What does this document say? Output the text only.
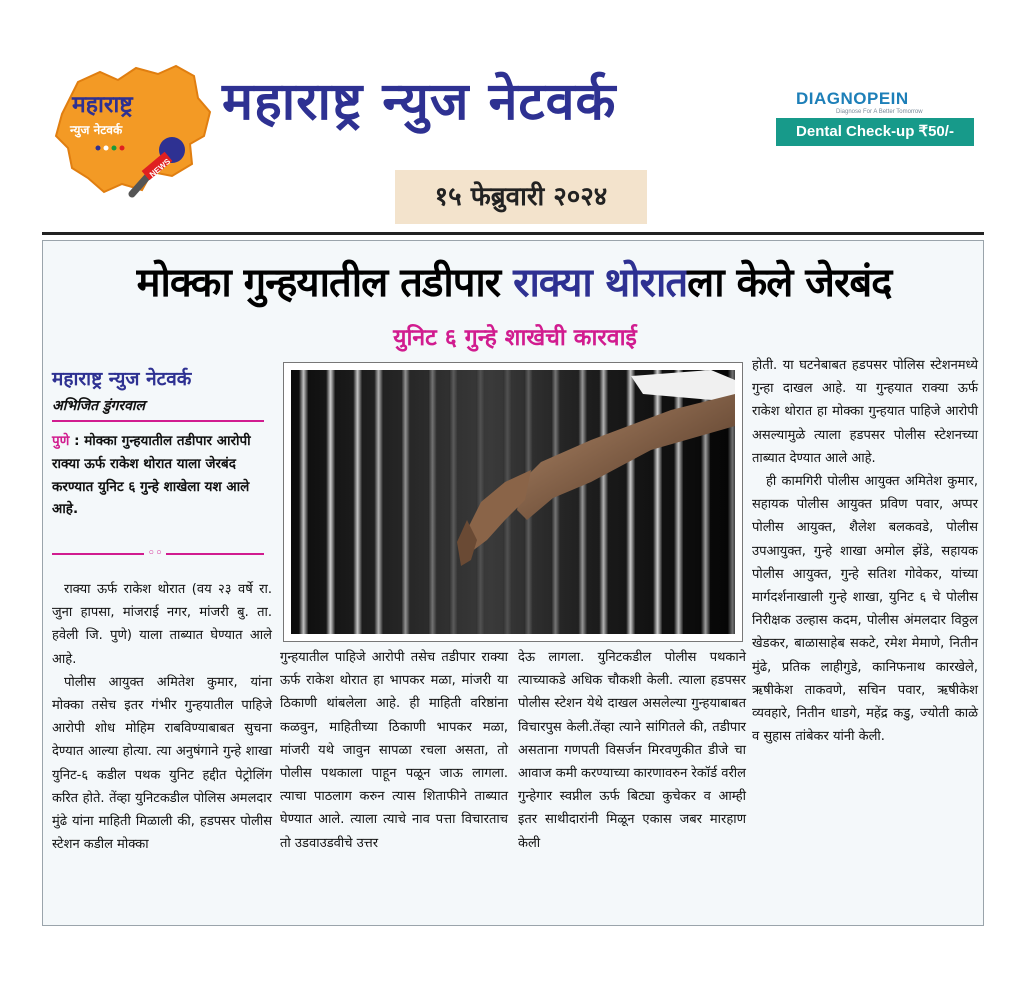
महाराष्ट्र
न्युज नेटवर्क
NEWS
महाराष्ट्र न्युज नेटवर्क
१५ फेब्रुवारी २०२४
DIAGNOPEIN
Diagnose For A Better Tomorrow
Dental Check-up ₹50/-
मोक्का गुन्हयातील तडीपार राक्या थोरातला केले जेरबंद
युनिट ६ गुन्हे शाखेची कारवाई
महाराष्ट्र न्युज नेटवर्क
अभिजित डुंगरवाल
पुणे : मोक्का गुन्हयातील तडीपार आरोपी राक्या ऊर्फ राकेश थोरात याला जेरबंद करण्यात युनिट ६ गुन्हे शाखेला यश आले आहे.
◦◦

राक्या ऊर्फ राकेश थोरात (वय २३ वर्षे रा. जुना हापसा, मांजराई नगर, मांजरी बु. ता. हवेली जि. पुणे) याला ताब्यात घेण्यात आले आहे.

पोलीस आयुक्त अमितेश कुमार, यांना मोक्का तसेच इतर गंभीर गुन्हयातील पाहिजे आरोपी शोध मोहिम राबविण्याबाबत सुचना देण्यात आल्या होत्या. त्या अनुषंगाने गुन्हे शाखा युनिट-६ कडील पथक युनिट हद्दीत पेट्रोलिंग करित होते. तेंव्हा युनिटकडील पोलिस अमलदार मुंढे यांना माहिती मिळाली की, हडपसर पोलीस स्टेशन कडील मोक्का

गुन्हयातील पाहिजे आरोपी तसेच तडीपार राक्या ऊर्फ राकेश थोरात हा भापकर मळा, मांजरी या ठिकाणी थांबलेला आहे. ही माहिती वरिष्ठांना कळवुन, माहितीच्या ठिकाणी भापकर मळा, मांजरी यथे जावुन सापळा रचला असता, तो पोलीस पथकाला पाहून पळून जाऊ लागला. त्याचा पाठलाग करुन त्यास शिताफीने ताब्यात घेण्यात आले. त्याला त्याचे नाव पत्ता विचारताच तो उडवाउडवीचे उत्तर

देऊ लागला. युनिटकडील पोलीस पथकाने त्याच्याकडे अधिक चौकशी केली. त्याला हडपसर पोलीस स्टेशन येथे दाखल असलेल्या गुन्हयाबाबत विचारपुस केली.तेंव्हा त्याने सांगितले की, तडीपार असताना गणपती विसर्जन मिरवणुकीत डीजे चा आवाज कमी करण्याच्या कारणावरुन रेकॉर्ड वरील गुन्हेगार स्वप्नील ऊर्फ बिट्या कुचेकर व आम्ही इतर साथीदारांनी मिळून एकास जबर मारहाण केली

होती. या घटनेबाबत हडपसर पोलिस स्टेशनमध्ये गुन्हा दाखल आहे. या गुन्हयात राक्या ऊर्फ राकेश थोरात हा मोक्का गुन्हयात पाहिजे आरोपी असल्यामुळे त्याला हडपसर पोलीस स्टेशनच्या ताब्यात देण्यात आले आहे.

ही कामगिरी पोलीस आयुक्त अमितेश कुमार, सहायक पोलीस आयुक्त प्रविण पवार, अप्पर पोलीस आयुक्त, शैलेश बलकवडे, पोलीस उपआयुक्त, गुन्हे शाखा अमोल झेंडे, सहायक पोलीस आयुक्त, गुन्हे सतिश गोवेकर, यांच्या मार्गदर्शनाखाली गुन्हे शाखा, युनिट ६ चे पोलीस निरीक्षक उल्हास कदम, पोलीस अंमलदार विठ्ठल खेडकर, बाळासाहेब सकटे, रमेश मेमाणे, नितीन मुंढे, प्रतिक लाहीगुडे, कानिफनाथ कारखेले, ऋषीकेश ताकवणे, सचिन पवार, ऋषीकेश व्यवहारे, नितीन धाडगे, महेंद्र कडु, ज्योती काळे व सुहास तांबेकर यांनी केली.
